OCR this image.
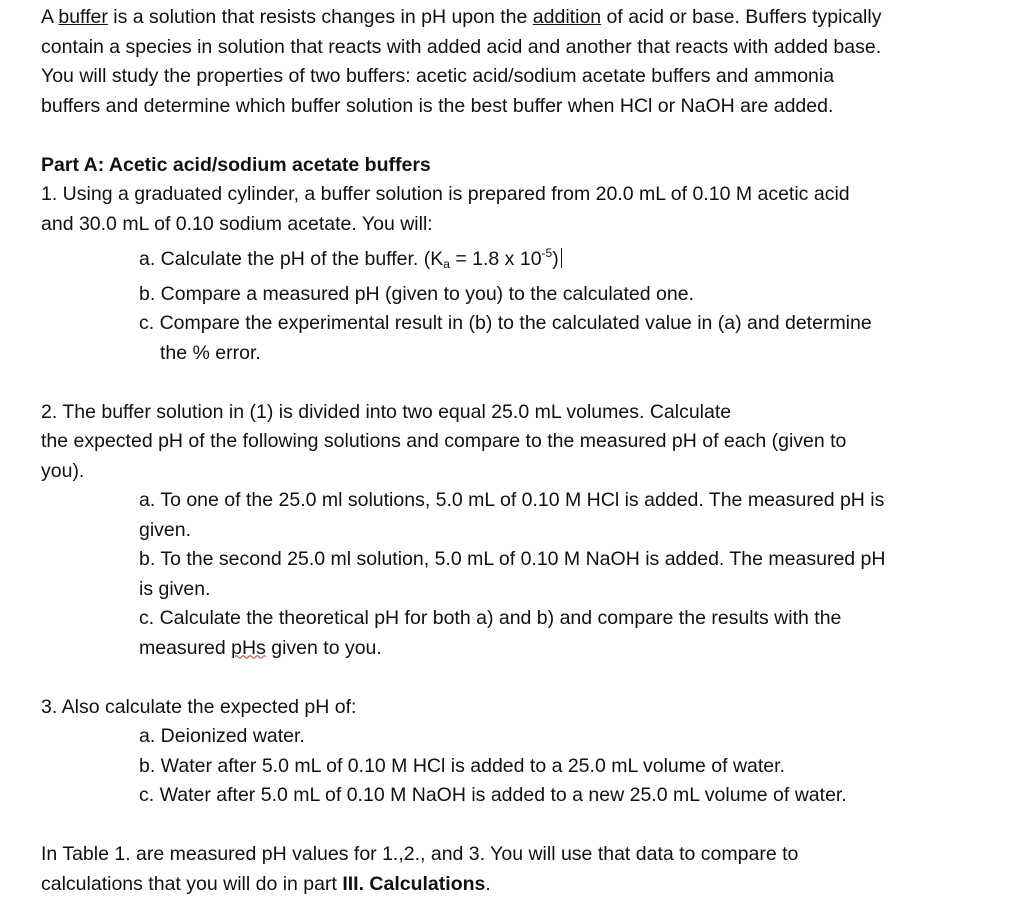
A buffer is a solution that resists changes in pH upon the addition of acid or base. Buffers typically
contain a species in solution that reacts with added acid and another that reacts with added base.
You will study the properties of two buffers: acetic acid/sodium acetate buffers and ammonia
buffers and determine which buffer solution is the best buffer when HCl or NaOH are added.
Part A: Acetic acid/sodium acetate buffers
1. Using a graduated cylinder, a buffer solution is prepared from 20.0 mL of 0.10 M acetic acid
and 30.0 mL of 0.10 sodium acetate. You will:
a. Calculate the pH of the buffer. ($K_a = 1.8$ x $10^{-5}$)
b. Compare a measured pH (given to you) to the calculated one.
c. Compare the experimental result in (b) to the calculated value in (a) and determine
the % error.
2. The buffer solution in (1) is divided into two equal 25.0 mL volumes. Calculate
the expected pH of the following solutions and compare to the measured pH of each (given to
you).
a. To one of the 25.0 ml solutions, 5.0 mL of 0.10 M HCl is added. The measured pH is
given.
b. To the second 25.0 ml solution, 5.0 mL of 0.10 M NaOH is added. The measured pH
is given.
c. Calculate the theoretical pH for both a) and b) and compare the results with the
measured pHs given to you.
3. Also calculate the expected pH of:
a. Deionized water.
b. Water after 5.0 mL of 0.10 M HCl is added to a 25.0 mL volume of water.
c. Water after 5.0 mL of 0.10 M NaOH is added to a new 25.0 mL volume of water.
In Table 1. are measured pH values for 1.,2., and 3. You will use that data to compare to
calculations that you will do in part III. Calculations.
